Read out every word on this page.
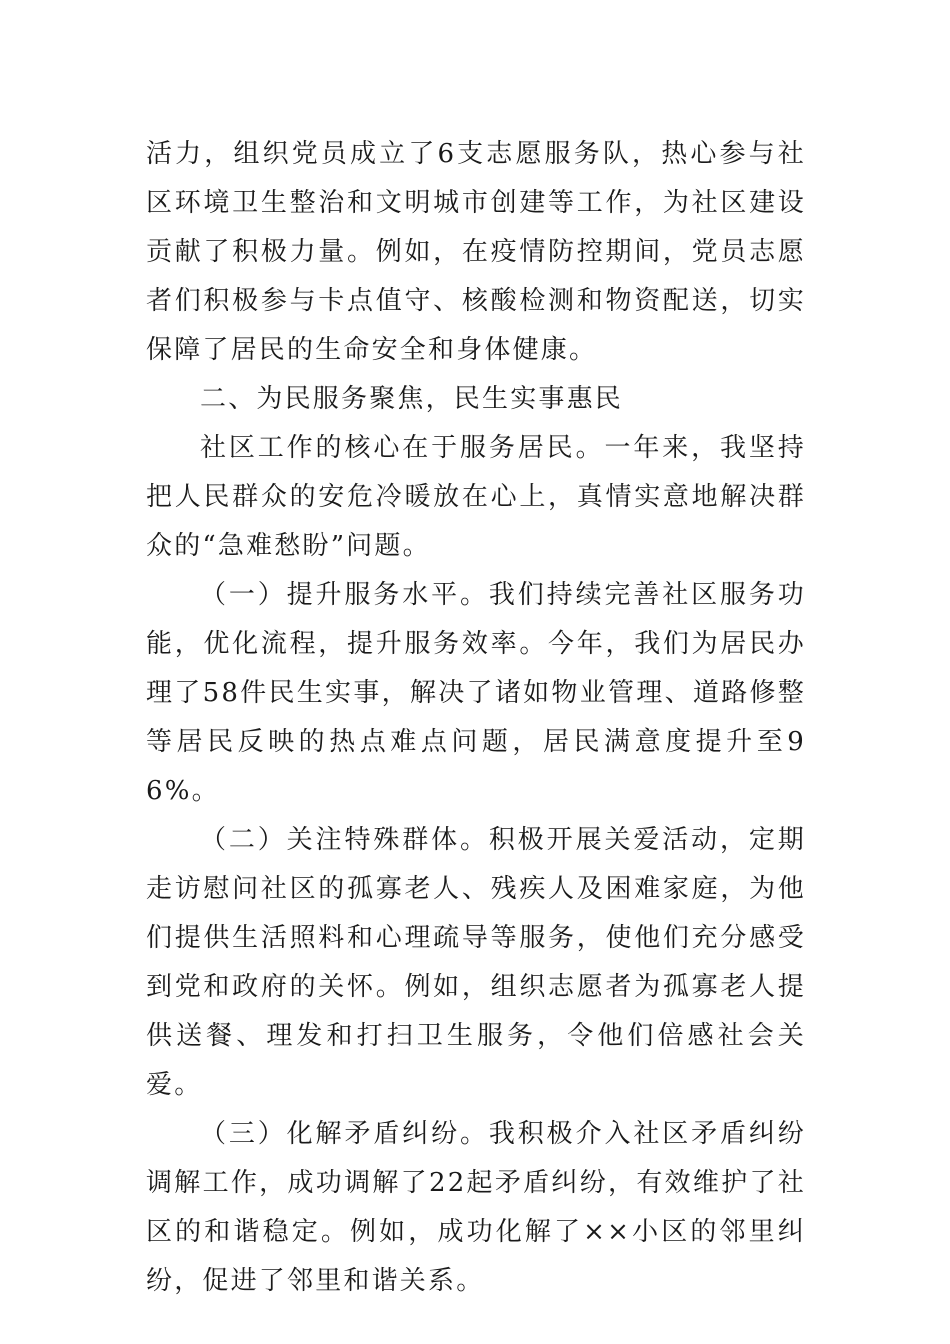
活力，组织党员成立了6支志愿服务队，热心参与社区环境卫生整治和文明城市创建等工作，为社区建设贡献了积极力量。例如，在疫情防控期间，党员志愿者们积极参与卡点值守、核酸检测和物资配送，切实保障了居民的生命安全和身体健康。

二、为民服务聚焦，民生实事惠民

社区工作的核心在于服务居民。一年来，我坚持把人民群众的安危冷暖放在心上，真情实意地解决群众的“急难愁盼”问题。

（一）提升服务水平。我们持续完善社区服务功能，优化流程，提升服务效率。今年，我们为居民办理了58件民生实事，解决了诸如物业管理、道路修整等居民反映的热点难点问题，居民满意度提升至96%。

（二）关注特殊群体。积极开展关爱活动，定期走访慰问社区的孤寡老人、残疾人及困难家庭，为他们提供生活照料和心理疏导等服务，使他们充分感受到党和政府的关怀。例如，组织志愿者为孤寡老人提供送餐、理发和打扫卫生服务，令他们倍感社会关爱。

（三）化解矛盾纠纷。我积极介入社区矛盾纠纷调解工作，成功调解了22起矛盾纠纷，有效维护了社区的和谐稳定。例如，成功化解了××小区的邻里纠纷，促进了邻里和谐关系。
